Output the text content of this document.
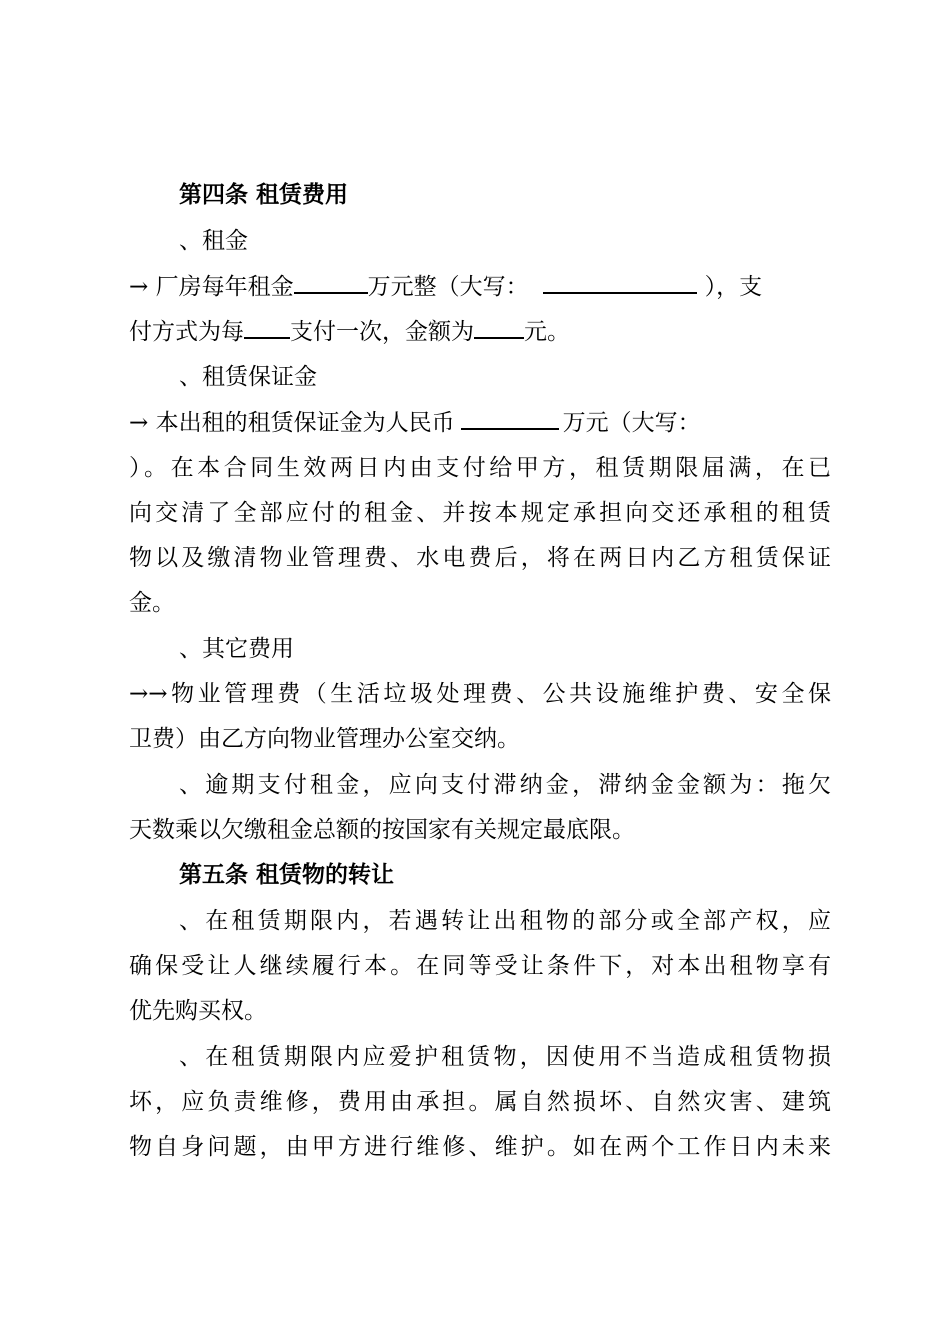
第四条 租赁费用
、租金
→ 厂房每年租金	万元整（大写：	），支
付方式为每 支付一次，金额为 元。
、租赁保证金
→ 本出租的租赁保证金为人民币	万元（大写：
）。在本合同生效两日内由支付给甲方，租赁期限届满，在已
向交清了全部应付的租金、并按本规定承担向交还承租的租赁
物以及缴清物业管理费、水电费后，将在两日内乙方租赁保证
金。
、其它费用
→→物业管理费（生活垃圾处理费、公共设施维护费、安全保
卫费）由乙方向物业管理办公室交纳。
、逾期支付租金，应向支付滞纳金，滞纳金金额为：拖欠
天数乘以欠缴租金总额的按国家有关规定最底限。
第五条 租赁物的转让
、在租赁期限内，若遇转让出租物的部分或全部产权，应
确保受让人继续履行本。在同等受让条件下，对本出租物享有
优先购买权。
、在租赁期限内应爱护租赁物，因使用不当造成租赁物损
坏，应负责维修，费用由承担。属自然损坏、自然灾害、建筑
物自身问题，由甲方进行维修、维护。如在两个工作日内未来
